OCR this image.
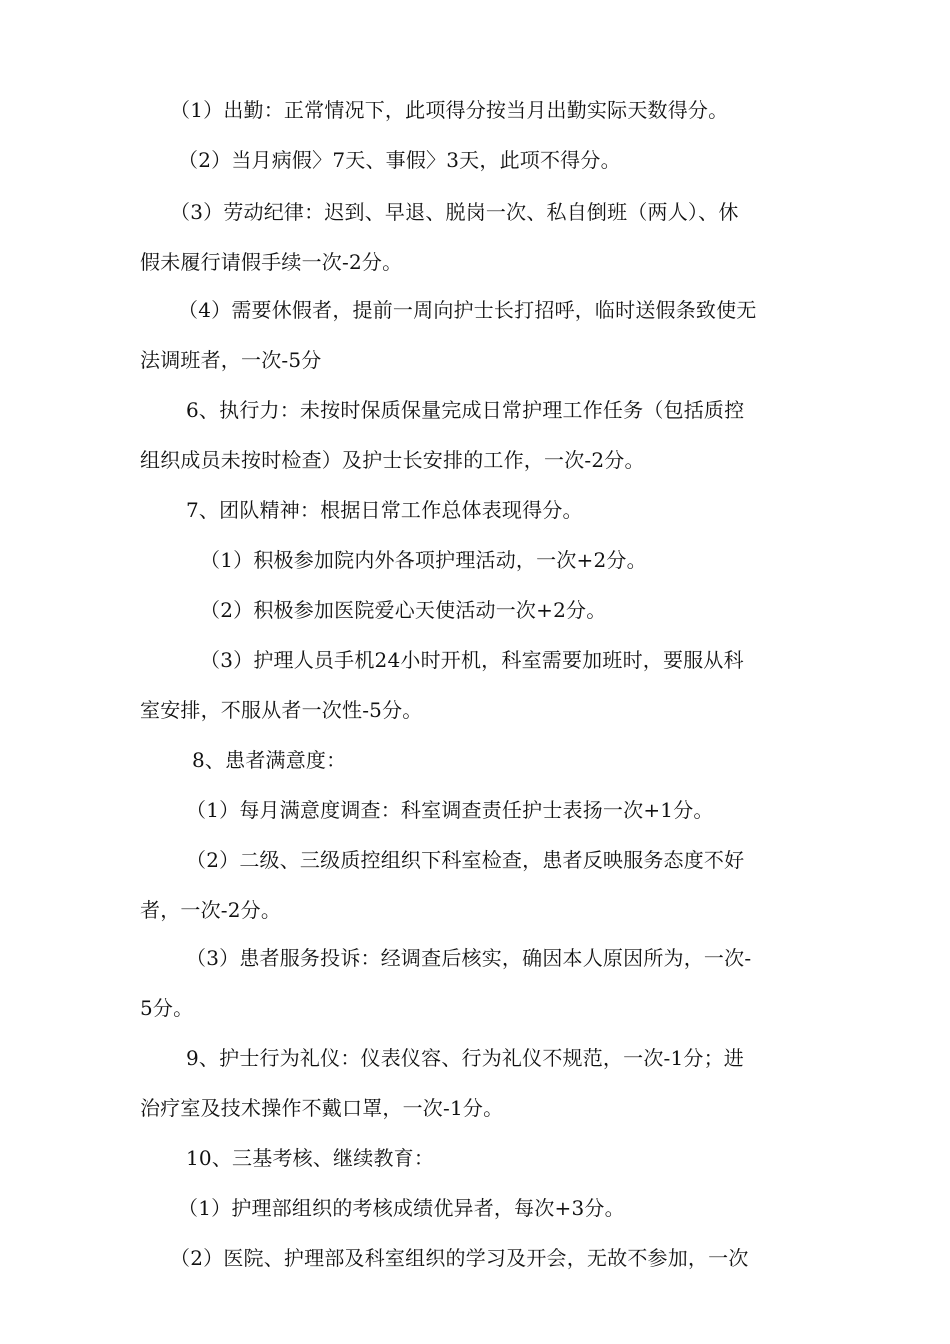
（1）出勤：正常情况下，此项得分按当月出勤实际天数得分。
（2）当月病假〉7天、事假〉3天，此项不得分。
（3）劳动纪律：迟到、早退、脱岗一次、私自倒班（两人）、休
假未履行请假手续一次-2分。
（4）需要休假者，提前一周向护士长打招呼，临时送假条致使无
法调班者，一次-5分
6、执行力：未按时保质保量完成日常护理工作任务（包括质控
组织成员未按时检查）及护士长安排的工作，一次-2分。
7、团队精神：根据日常工作总体表现得分。
（1）积极参加院内外各项护理活动，一次+2分。
（2）积极参加医院爱心天使活动一次+2分。
（3）护理人员手机24小时开机，科室需要加班时，要服从科
室安排，不服从者一次性-5分。
8、患者满意度：
（1）每月满意度调查：科室调查责任护士表扬一次+1分。
（2）二级、三级质控组织下科室检查，患者反映服务态度不好
者，一次-2分。
（3）患者服务投诉：经调查后核实，确因本人原因所为，一次-
5分。
9、护士行为礼仪：仪表仪容、行为礼仪不规范，一次-1分；进
治疗室及技术操作不戴口罩，一次-1分。
10、三基考核、继续教育：
（1）护理部组织的考核成绩优异者，每次+3分。
（2）医院、护理部及科室组织的学习及开会，无故不参加，一次
